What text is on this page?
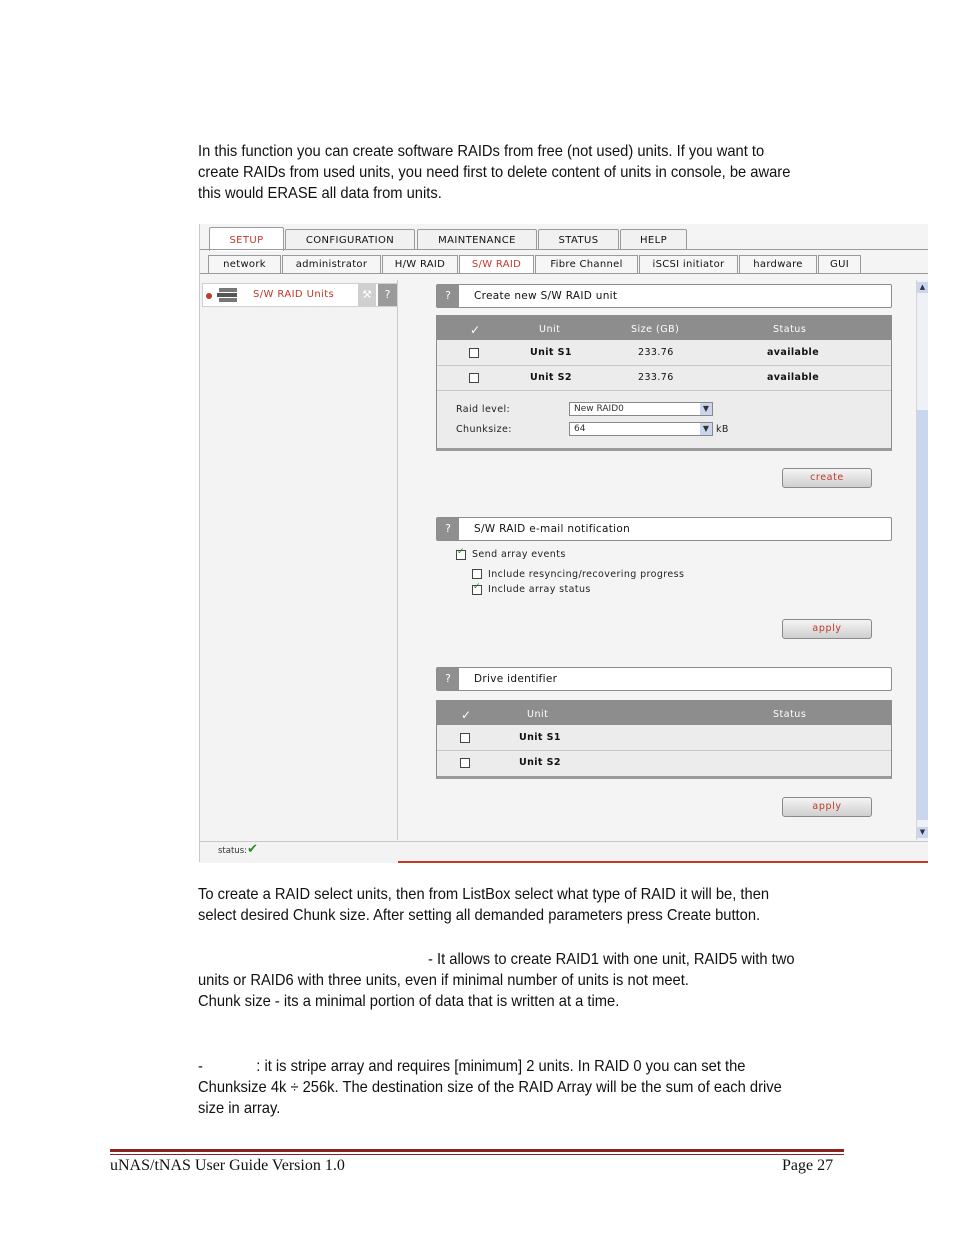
In this function you can create software RAIDs from free (not used) units. If you want to create RAIDs from used units, you need first to delete content of units in console, be aware this would ERASE all data from units.

SETUP	CONFIGURATION	MAINTENANCE	STATUS	HELP
network	administrator	H/W RAID	S/W RAID	Fibre Channel	iSCSI initiator	hardware	GUI
S/W RAID Units	⚒	?	?	Create new S/W RAID unit
✓	Unit	Size (GB)	Status
Unit S1	233.76	available
Unit S2	233.76	available
Raid level:	New RAID0	▼
Chunksize:	64	▼ kB
create
?	S/W RAID e-mail notification
✓
Send array events
Include resyncing/recovering progress
✓
Include array status
apply
?	Drive identifier
✓	Unit	Status
Unit S1
Unit S2
apply
▲
▼
status: ✔

To create a RAID select units, then from ListBox select what type of RAID it will be, then select desired Chunk size. After setting all demanded parameters press Create button.

- It allows to create RAID1 with one unit, RAID5 with two

units or RAID6 with three units, even if minimal number of units is not meet.

Chunk size - its a minimal portion of data that is written at a time.

-	: it is stripe array and requires [minimum] 2 units. In RAID 0 you can set the

Chunksize 4k ÷ 256k. The destination size of the RAID Array will be the sum of each drive size in array.

uNAS/tNAS User Guide Version 1.0	Page 27
